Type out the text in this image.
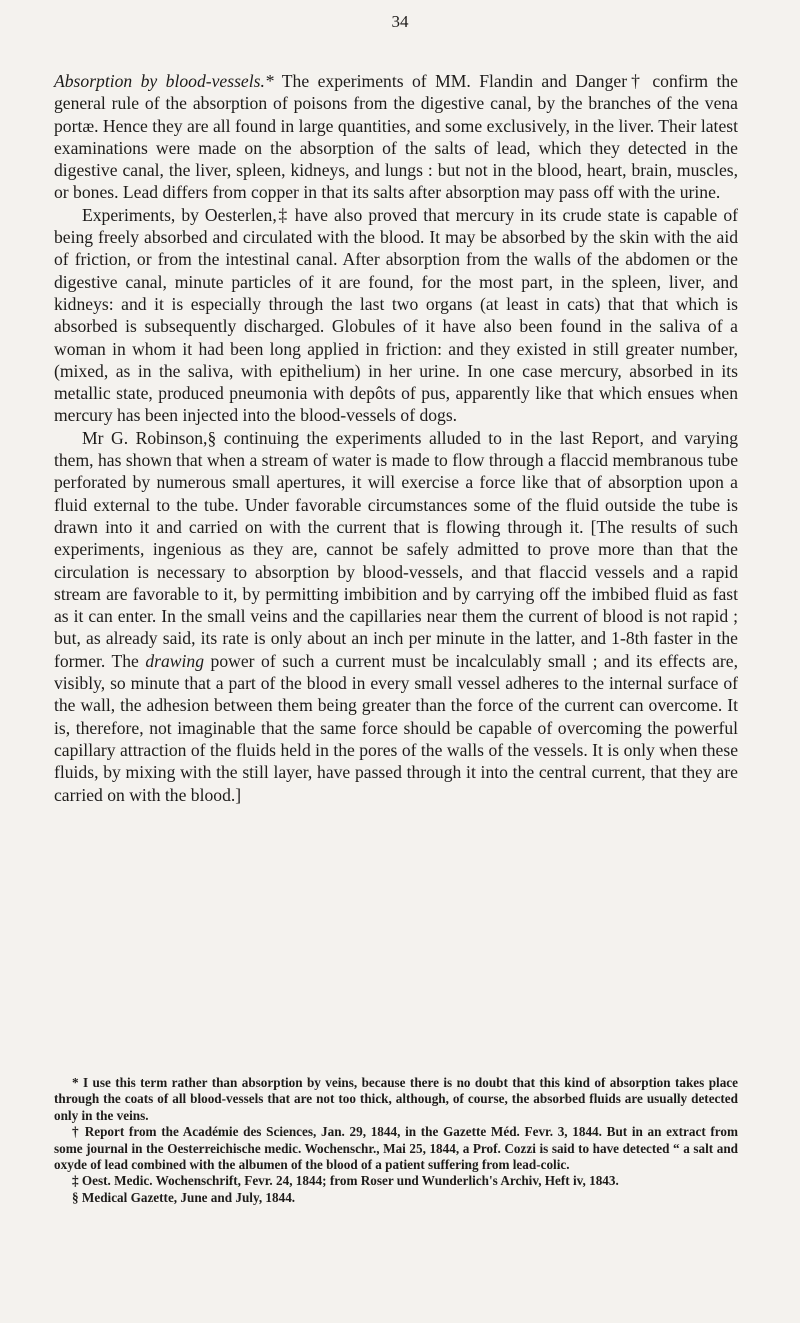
34

Absorption by blood-vessels.* The experiments of MM. Flandin and Danger† confirm the general rule of the absorption of poisons from the digestive canal, by the branches of the vena portæ. Hence they are all found in large quantities, and some exclusively, in the liver. Their latest examinations were made on the absorption of the salts of lead, which they detected in the digestive canal, the liver, spleen, kidneys, and lungs : but not in the blood, heart, brain, muscles, or bones. Lead differs from copper in that its salts after absorption may pass off with the urine.

Experiments, by Oesterlen,‡ have also proved that mercury in its crude state is capable of being freely absorbed and circulated with the blood. It may be absorbed by the skin with the aid of friction, or from the intestinal canal. After absorption from the walls of the abdomen or the digestive canal, minute particles of it are found, for the most part, in the spleen, liver, and kidneys: and it is especially through the last two organs (at least in cats) that that which is absorbed is subsequently discharged. Globules of it have also been found in the saliva of a woman in whom it had been long applied in friction: and they existed in still greater number, (mixed, as in the saliva, with epithelium) in her urine. In one case mercury, absorbed in its metallic state, produced pneumonia with depôts of pus, apparently like that which ensues when mercury has been injected into the blood-vessels of dogs.

Mr G. Robinson,§ continuing the experiments alluded to in the last Report, and varying them, has shown that when a stream of water is made to flow through a flaccid membranous tube perforated by numerous small apertures, it will exercise a force like that of absorption upon a fluid external to the tube. Under favorable circumstances some of the fluid outside the tube is drawn into it and carried on with the current that is flowing through it. [The results of such experiments, ingenious as they are, cannot be safely admitted to prove more than that the circulation is necessary to absorption by blood-vessels, and that flaccid vessels and a rapid stream are favorable to it, by permitting imbibition and by carrying off the imbibed fluid as fast as it can enter. In the small veins and the capillaries near them the current of blood is not rapid ; but, as already said, its rate is only about an inch per minute in the latter, and 1-8th faster in the former. The drawing power of such a current must be incalculably small ; and its effects are, visibly, so minute that a part of the blood in every small vessel adheres to the internal surface of the wall, the adhesion between them being greater than the force of the current can overcome. It is, therefore, not imaginable that the same force should be capable of overcoming the powerful capillary attraction of the fluids held in the pores of the walls of the vessels. It is only when these fluids, by mixing with the still layer, have passed through it into the central current, that they are carried on with the blood.]

* I use this term rather than absorption by veins, because there is no doubt that this kind of absorption takes place through the coats of all blood-vessels that are not too thick, although, of course, the absorbed fluids are usually detected only in the veins.

† Report from the Académie des Sciences, Jan. 29, 1844, in the Gazette Méd. Fevr. 3, 1844. But in an extract from some journal in the Oesterreichische medic. Wochenschr., Mai 25, 1844, a Prof. Cozzi is said to have detected “ a salt and oxyde of lead combined with the albumen of the blood of a patient suffering from lead-colic.

‡ Oest. Medic. Wochenschrift, Fevr. 24, 1844; from Roser und Wunderlich's Archiv, Heft iv, 1843.

§ Medical Gazette, June and July, 1844.
